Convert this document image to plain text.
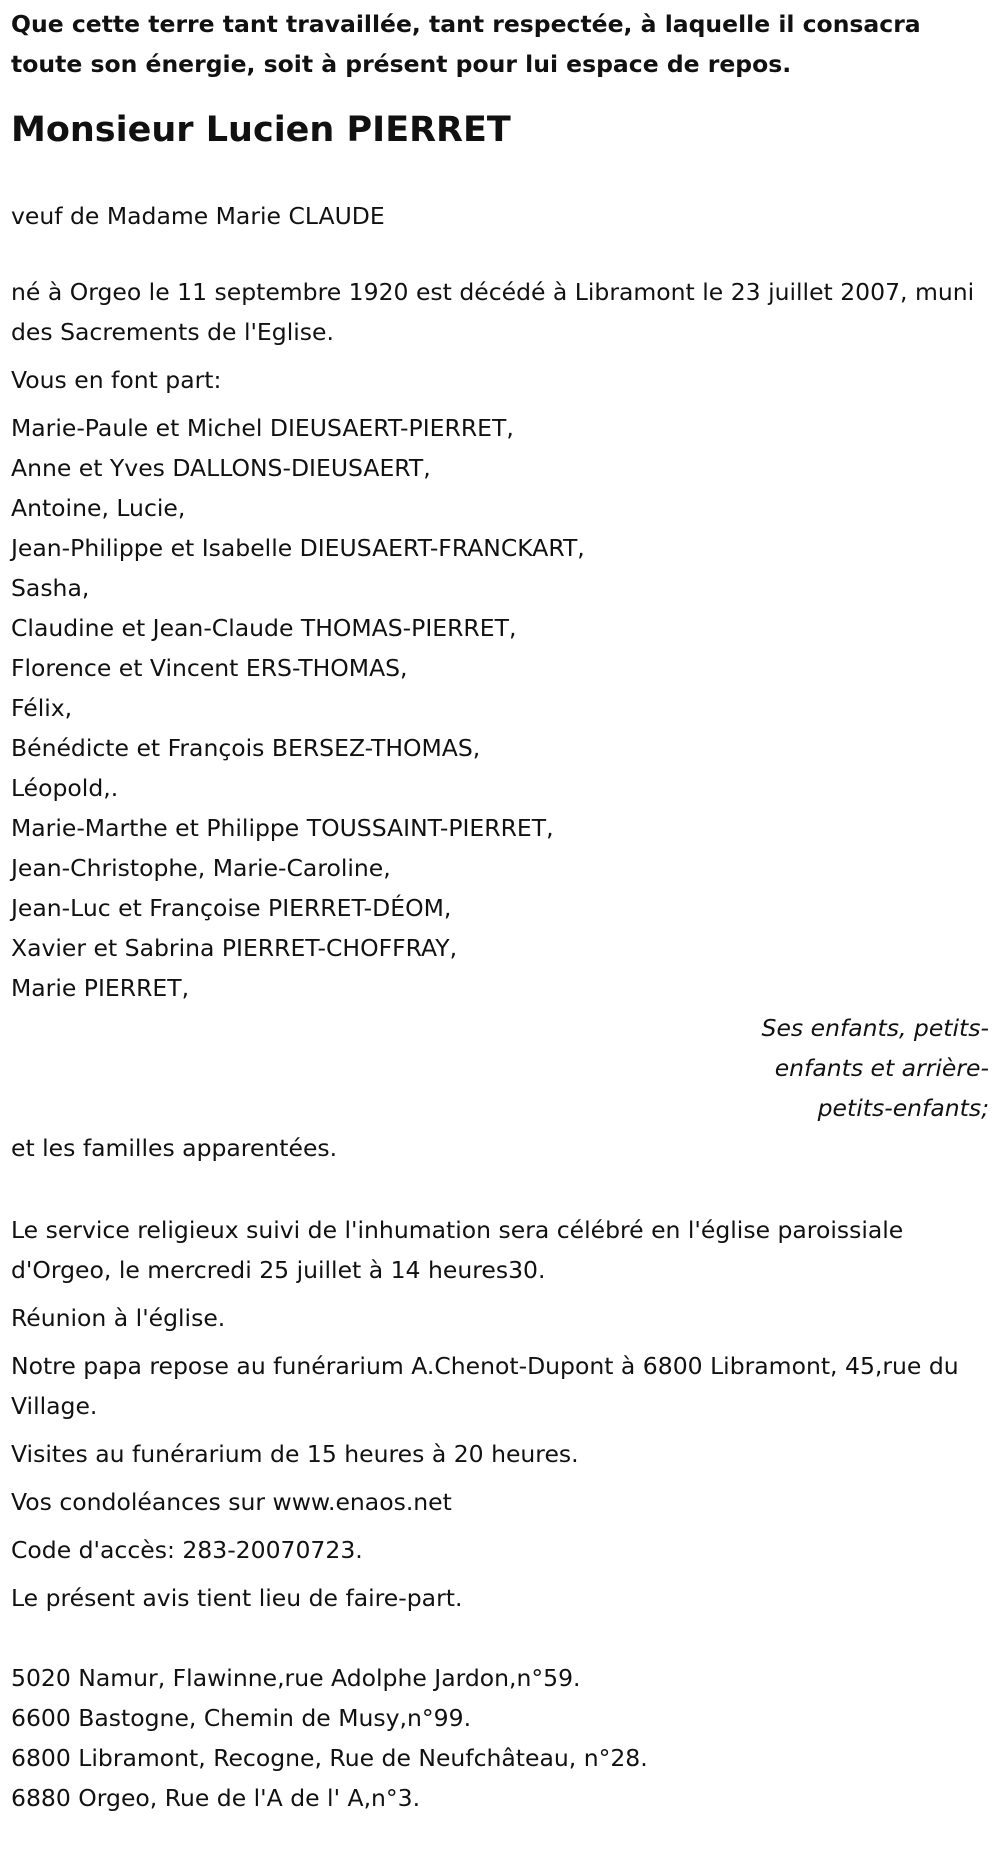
Que cette terre tant travaillée, tant respectée, à laquelle il consacra toute son énergie, soit à présent pour lui espace de repos.

Monsieur Lucien PIERRET

veuf de Madame Marie CLAUDE

né à Orgeo le 11 septembre 1920 est décédé à Libramont le 23 juillet 2007, muni des Sacrements de l'Eglise.

Vous en font part:

Marie-Paule et Michel DIEUSAERT-PIERRET,
Anne et Yves DALLONS-DIEUSAERT,
Antoine, Lucie,
Jean-Philippe et Isabelle DIEUSAERT-FRANCKART,
Sasha,
Claudine et Jean-Claude THOMAS-PIERRET,
Florence et Vincent ERS-THOMAS,
Félix,
Bénédicte et François BERSEZ-THOMAS,
Léopold,.
Marie-Marthe et Philippe TOUSSAINT-PIERRET,
Jean-Christophe, Marie-Caroline,
Jean-Luc et Françoise PIERRET-DÉOM,
Xavier et Sabrina PIERRET-CHOFFRAY,
Marie PIERRET,
Ses enfants, petits-
enfants et arrière-
petits-enfants;

et les familles apparentées.

Le service religieux suivi de l'inhumation sera célébré en l'église paroissiale d'Orgeo, le mercredi 25 juillet à 14 heures30.

Réunion à l'église.

Notre papa repose au funérarium A.Chenot-Dupont à 6800 Libramont, 45,rue du Village.

Visites au funérarium de 15 heures à 20 heures.

Vos condoléances sur www.enaos.net

Code d'accès: 283-20070723.

Le présent avis tient lieu de faire-part.

5020 Namur, Flawinne,rue Adolphe Jardon,n°59.
6600 Bastogne, Chemin de Musy,n°99.
6800 Libramont, Recogne, Rue de Neufchâteau, n°28.
6880 Orgeo, Rue de l'A de l' A,n°3.
